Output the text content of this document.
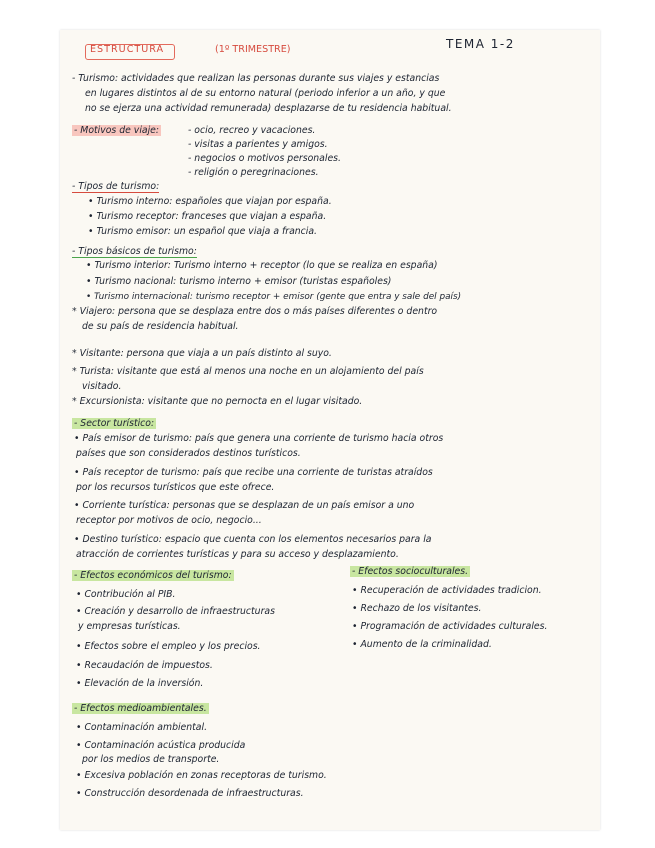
ESTRUCTURA	(1º TRIMESTRE)	TEMA 1-2
- Turismo: actividades que realizan las personas durante sus viajes y estancias
en lugares distintos al de su entorno natural (periodo inferior a un año, y que
no se ejerza una actividad remunerada) desplazarse de tu residencia habitual.
- Motivos de viaje:	- ocio, recreo y vacaciones.
- visitas a parientes y amigos.
- negocios o motivos personales.
- religión o peregrinaciones.
- Tipos de turismo:
• Turismo interno: españoles que viajan por españa.
• Turismo receptor: franceses que viajan a españa.
• Turismo emisor: un español que viaja a francia.
- Tipos básicos de turismo:
• Turismo interior: Turismo interno + receptor (lo que se realiza en españa)
• Turismo nacional: turismo interno + emisor (turistas españoles)
• Turismo internacional: turismo receptor + emisor (gente que entra y sale del país)
* Viajero: persona que se desplaza entre dos o más países diferentes o dentro
de su país de residencia habitual.
* Visitante: persona que viaja a un país distinto al suyo.
* Turista: visitante que está al menos una noche en un alojamiento del país
visitado.
* Excursionista: visitante que no pernocta en el lugar visitado.
- Sector turístico:
• País emisor de turismo: país que genera una corriente de turismo hacia otros
países que son considerados destinos turísticos.
• País receptor de turismo: país que recibe una corriente de turistas atraídos
por los recursos turísticos que este ofrece.
• Corriente turística: personas que se desplazan de un país emisor a uno
receptor por motivos de ocio, negocio...
• Destino turístico: espacio que cuenta con los elementos necesarios para la
atracción de corrientes turísticas y para su acceso y desplazamiento.
- Efectos económicos del turismo:
• Contribución al PIB.
• Creación y desarrollo de infraestructuras
y empresas turísticas.
• Efectos sobre el empleo y los precios.
• Recaudación de impuestos.
• Elevación de la inversión.
- Efectos socioculturales.
• Recuperación de actividades tradicion.
• Rechazo de los visitantes.
• Programación de actividades culturales.
• Aumento de la criminalidad.
- Efectos medioambientales.
• Contaminación ambiental.
• Contaminación acústica producida
por los medios de transporte.
• Excesiva población en zonas receptoras de turismo.
• Construcción desordenada de infraestructuras.
